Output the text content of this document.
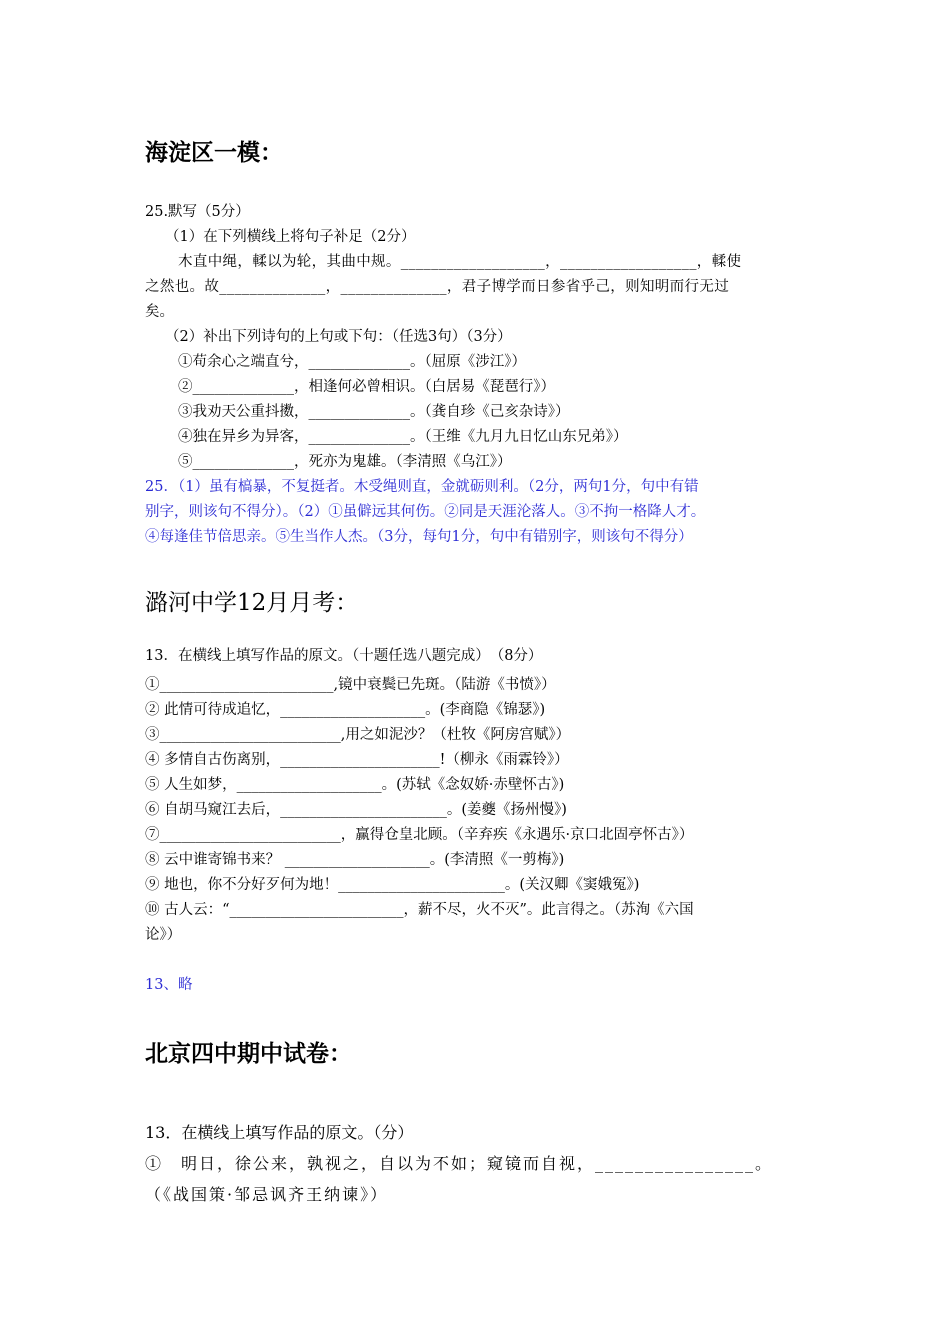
海淀区一模：
25.默写（5分）
（1）在下列横线上将句子补足（2分）
木直中绳，輮以为轮，其曲中规。___________________，__________________，輮使
之然也。故______________，______________，君子博学而日参省乎己，则知明而行无过
矣。
（2）补出下列诗句的上句或下句：（任选3句）（3分）
①苟余心之端直兮，______________。（屈原《涉江》）
②______________，相逢何必曾相识。（白居易《琵琶行》）
③我劝天公重抖擞，______________。（龚自珍《己亥杂诗》）
④独在异乡为异客，______________。（王维《九月九日忆山东兄弟》）
⑤______________，死亦为鬼雄。（李清照《乌江》）
25．（1）虽有槁暴，不复挺者。木受绳则直，金就砺则利。（2分，两句1分，句中有错
别字，则该句不得分）。（2）①虽僻远其何伤。②同是天涯沦落人。③不拘一格降人才。
④每逢佳节倍思亲。⑤生当作人杰。（3分，每句1分，句中有错别字，则该句不得分）
潞河中学12月月考：
13．在横线上填写作品的原文。（十题任选八题完成）　（8分）
①________________________,镜中衰鬓已先斑。（陆游《书愤》）
② 此情可待成追忆，____________________。(李商隐《锦瑟》)
③_________________________,用之如泥沙？（杜牧《阿房宫赋》）
④ 多情自古伤离别，______________________!（柳永《雨霖铃》）
⑤ 人生如梦，____________________。(苏轼《念奴娇·赤壁怀古》)
⑥ 自胡马窥江去后，_______________________。(姜夔《扬州慢》)
⑦_________________________，赢得仓皇北顾。（辛弃疾《永遇乐·京口北固亭怀古》）
⑧ 云中谁寄锦书来？ ____________________。(李清照《一剪梅》)
⑨ 地也，你不分好歹何为地！_______________________。(关汉卿《窦娥冤》)
⑩ 古人云：“________________________，薪不尽，火不灭”。此言得之。（苏洵《六国
论》）
13、略
北京四中期中试卷：
13．在横线上填写作品的原文。（分）
①　明日，徐公来，孰视之，自以为不如；窥镜而自视，________________。
（《战国策·邹忌讽齐王纳谏》）
